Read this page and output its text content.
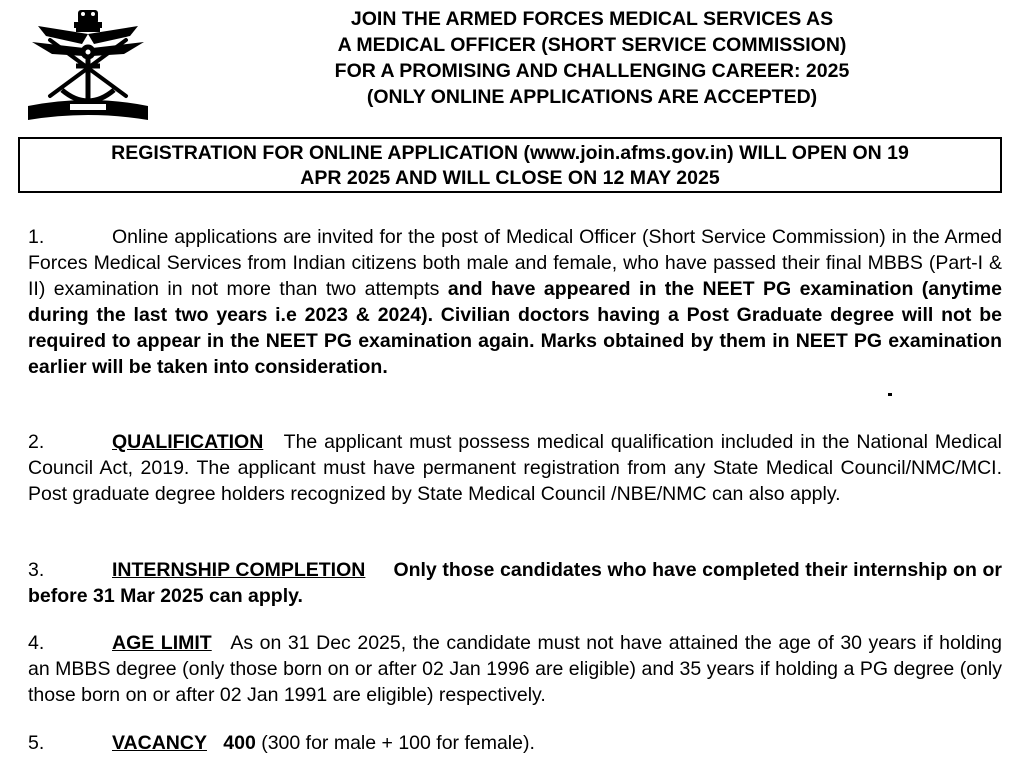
JOIN THE ARMED FORCES MEDICAL SERVICES AS
A MEDICAL OFFICER (SHORT SERVICE COMMISSION)
FOR A PROMISING AND CHALLENGING CAREER: 2025
(ONLY ONLINE APPLICATIONS ARE ACCEPTED)
REGISTRATION FOR ONLINE APPLICATION (www.join.afms.gov.in) WILL OPEN ON 19
APR 2025 AND WILL CLOSE ON 12 MAY 2025
1.	Online applications are invited for the post of Medical Officer (Short Service Commission) in the Armed Forces Medical Services from Indian citizens both male and female, who have passed their final MBBS (Part-I & II) examination in not more than two attempts and have appeared in the NEET PG examination (anytime during the last two years i.e 2023 & 2024). Civilian doctors having a Post Graduate degree will not be required to appear in the NEET PG examination again. Marks obtained by them in NEET PG examination earlier will be taken into consideration.
2.	QUALIFICATION The applicant must possess medical qualification included in the National Medical Council Act, 2019. The applicant must have permanent registration from any State Medical Council/NMC/MCI. Post graduate degree holders recognized by State Medical Council /NBE/NMC can also apply.
3.	INTERNSHIP COMPLETION Only those candidates who have completed their internship on or before 31 Mar 2025 can apply.
4.	AGE LIMIT As on 31 Dec 2025, the candidate must not have attained the age of 30 years if holding an MBBS degree (only those born on or after 02 Jan 1996 are eligible) and 35 years if holding a PG degree (only those born on or after 02 Jan 1991 are eligible) respectively.
5.	VACANCY 400 (300 for male + 100 for female).
